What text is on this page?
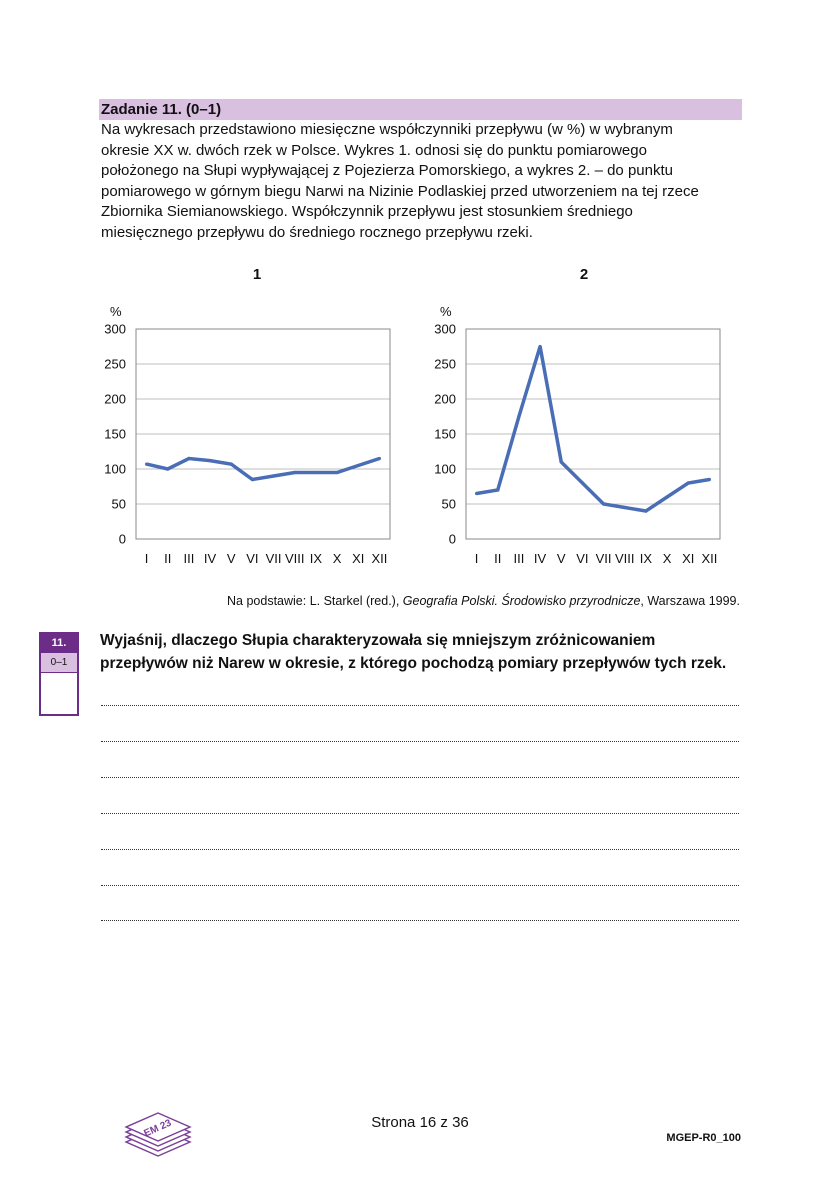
Zadanie 11. (0–1)
Na wykresach przedstawiono miesięczne współczynniki przepływu (w %) w wybranym
okresie XX w. dwóch rzek w Polsce. Wykres 1. odnosi się do punktu pomiarowego
położonego na Słupi wypływającej z Pojezierza Pomorskiego, a wykres 2. – do punktu
pomiarowego w górnym biegu Narwi na Nizinie Podlaskiej przed utworzeniem na tej rzece
Zbiornika Siemianowskiego. Współczynnik przepływu jest stosunkiem średniego
miesięcznego przepływu do średniego rocznego przepływu rzeki.
1	2
%
0
50
100
150
200
250
300
I II III IV V VI VII VIII IX X XI XII
%
0
50
100
150
200
250
300
I II III IV V VI VII VIII IX X XI XII
Na podstawie: L. Starkel (red.), Geografia Polski. Środowisko przyrodnicze, Warszawa 1999.
11.
0–1
Wyjaśnij, dlaczego Słupia charakteryzowała się mniejszym zróżnicowaniem
przepływów niż Narew w okresie, z którego pochodzą pomiary przepływów tych rzek.
EM 23	Strona 16 z 36
MGEP-R0_100
